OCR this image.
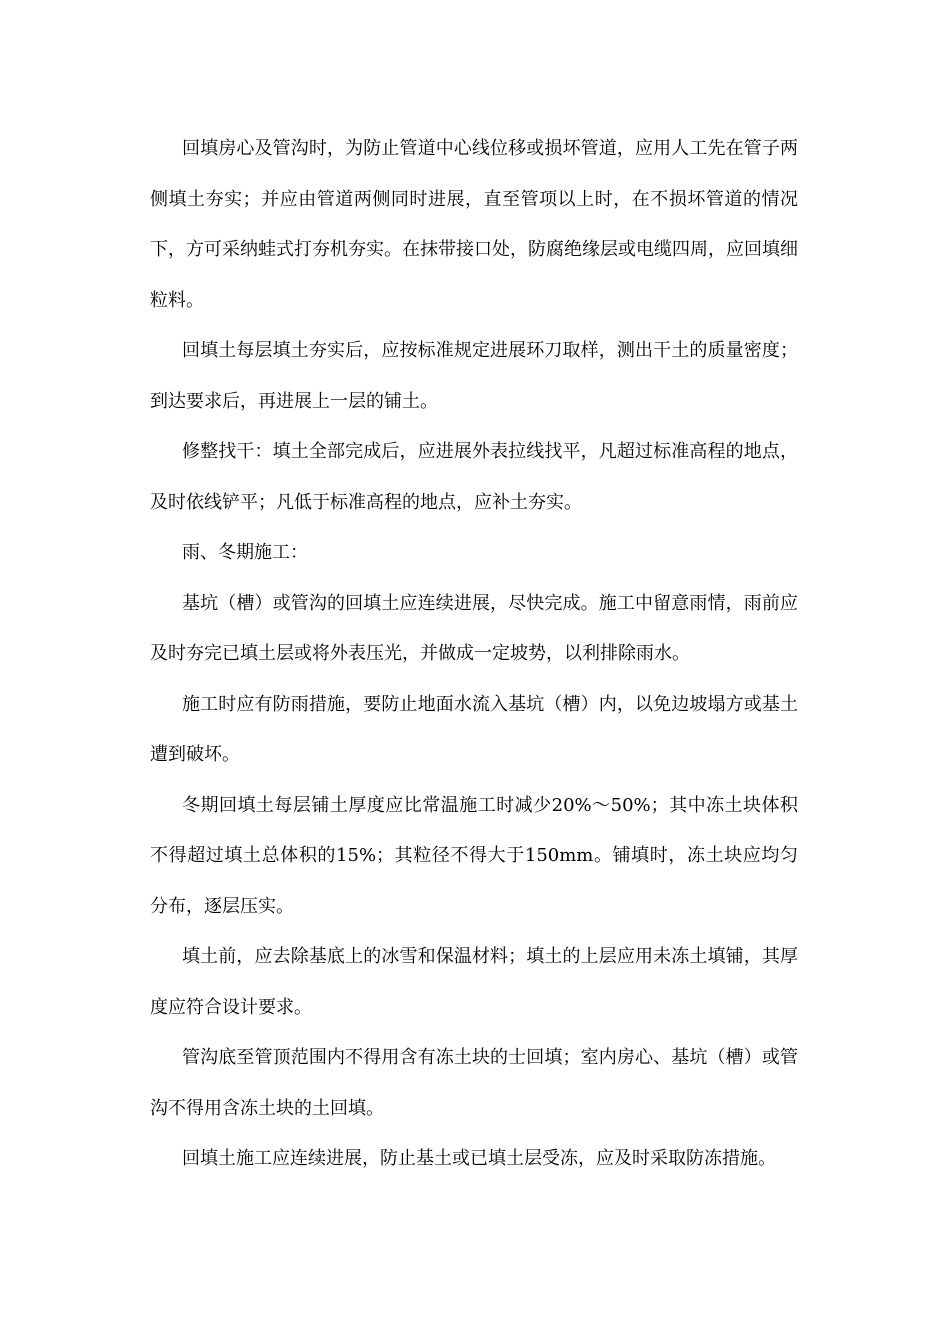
回填房心及管沟时，为防止管道中心线位移或损坏管道，应用人工先在管子两侧填土夯实；并应由管道两侧同时进展，直至管项以上时，在不损坏管道的情况下，方可采纳蛙式打夯机夯实。在抹带接口处，防腐绝缘层或电缆四周，应回填细粒料。

回填土每层填土夯实后，应按标准规定进展环刀取样，测出干土的质量密度；到达要求后，再进展上一层的铺土。

修整找干：填土全部完成后，应进展外表拉线找平，凡超过标准高程的地点，及时依线铲平；凡低于标准高程的地点，应补土夯实。

雨、冬期施工：

基坑（槽）或管沟的回填土应连续进展，尽快完成。施工中留意雨情，雨前应及时夯完已填土层或将外表压光，并做成一定坡势，以利排除雨水。

施工时应有防雨措施，要防止地面水流入基坑（槽）内，以免边坡塌方或基土遭到破坏。

冬期回填土每层铺土厚度应比常温施工时减少20%～50%；其中冻土块体积不得超过填土总体积的15%；其粒径不得大于150mm。铺填时，冻土块应均匀分布，逐层压实。

填土前，应去除基底上的冰雪和保温材料；填土的上层应用未冻土填铺，其厚度应符合设计要求。

管沟底至管顶范围内不得用含有冻土块的士回填；室内房心、基坑（槽）或管沟不得用含冻土块的土回填。

回填土施工应连续进展，防止基土或已填土层受冻，应及时采取防冻措施。
